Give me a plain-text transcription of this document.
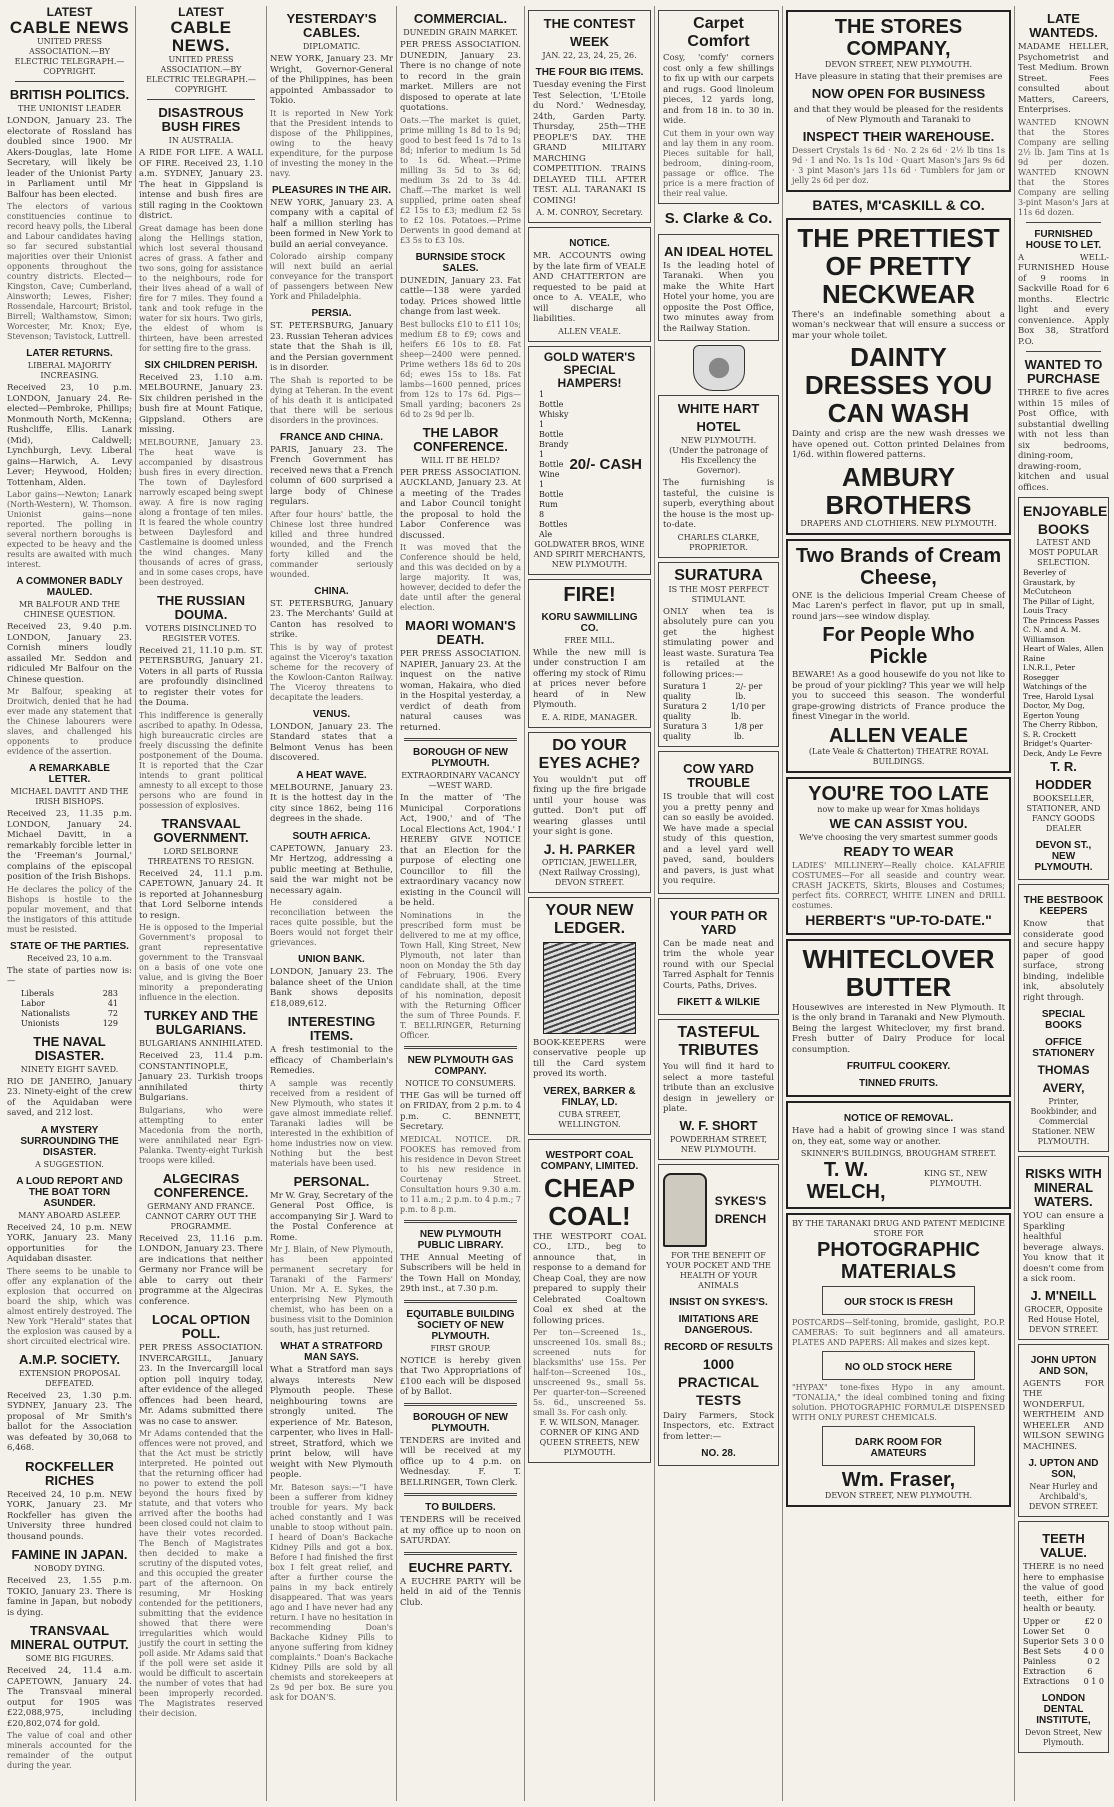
LATEST
CABLE NEWS
UNITED PRESS ASSOCIATION.—BY ELECTRIC TELEGRAPH.—COPYRIGHT.
BRITISH POLITICS.
THE UNIONIST LEADER
LONDON, January 23. The electorate of Rossland has doubled since 1900. Mr Akers-Douglas, late Home Secretary, will likely be leader of the Unionist Party in Parliament until Mr Balfour has been elected.
The electors of various constituencies continue to record heavy polls, the Liberal and Labour candidates having so far secured substantial majorities over their Unionist opponents throughout the country districts. Elected—Kingston, Cave; Cumberland, Ainsworth; Lewes, Fisher; Rossendale, Harcourt; Bristol, Birrell; Walthamstow, Simon; Worcester, Mr. Knox; Eye, Stevenson; Tavistock, Luttrell.
LATER RETURNS.
LIBERAL MAJORITY INCREASING.
Received 23, 10 p.m. LONDON, January 24. Re-elected—Pembroke, Phillips; Monmouth North, McKenna; Rushcliffe, Ellis. Lanark (Mid), Caldwell; Lynchburgh, Levy. Liberal gains—Harwich, A. Levy Lever; Heywood, Holden; Tottenham, Alden.
Labor gains—Newton; Lanark (North-Western), W. Thomson. Unionist gains—none reported. The polling in several northern boroughs is expected to be heavy and the results are awaited with much interest.
A COMMONER BADLY MAULED.
MR BALFOUR AND THE CHINESE QUESTION.
Received 23, 9.40 p.m. LONDON, January 23. Cornish miners loudly assailed Mr. Seddon and ridiculed Mr Balfour on the Chinese question.
Mr Balfour, speaking at Droitwich, denied that he had ever made any statement that the Chinese labourers were slaves, and challenged his opponents to produce evidence of the assertion.
A REMARKABLE LETTER.
MICHAEL DAVITT AND THE IRISH BISHOPS.
Received 23, 11.35 p.m. LONDON, January 24. Michael Davitt, in a remarkably forcible letter in the 'Freeman's Journal,' complains of the episcopal position of the Irish Bishops.
He declares the policy of the Bishops is hostile to the popular movement, and that the instigators of this attitude must be resisted.
STATE OF THE PARTIES.
Received 23, 10 a.m.
The state of parties now is:—
Liberals	283
Labor	41
Nationalists	72
Unionists	129
THE NAVAL DISASTER.
NINETY EIGHT SAVED.
RIO DE JANEIRO, January 23. Ninety-eight of the crew of the Aquidaban were saved, and 212 lost.
A MYSTERY SURROUNDING THE DISASTER.
A SUGGESTION.
A LOUD REPORT AND THE BOAT TORN ASUNDER.
MANY ABOARD ASLEEP.
Received 24, 10 p.m. NEW YORK, January 23. Many opportunities for the Aquidaban disaster.
There seems to be unable to offer any explanation of the explosion that occurred on board the ship, which was almost entirely destroyed. The New York "Herald" states that the explosion was caused by a short circuited electrical wire.
A.M.P. SOCIETY.
EXTENSION PROPOSAL DEFEATED.
Received 23, 1.30 p.m. SYDNEY, January 23. The proposal of Mr Smith's ballot for the Association was defeated by 30,068 to 6,468.
ROCKFELLER RICHES
Received 24, 10 p.m. NEW YORK, January 23. Mr Rockfeller has given the University three hundred thousand pounds.
FAMINE IN JAPAN.
NOBODY DYING.
Received 23, 1.55 p.m. TOKIO, January 23. There is famine in Japan, but nobody is dying.
TRANSVAAL MINERAL OUTPUT.
SOME BIG FIGURES.
Received 24, 11.4 a.m. CAPETOWN, January 24. The Transvaal mineral output for 1905 was £22,088,975, including £20,802,074 for gold.
The value of coal and other minerals accounted for the remainder of the output during the year.
LATEST
CABLE NEWS.
UNITED PRESS ASSOCIATION.—BY ELECTRIC TELEGRAPH.—COPYRIGHT.
DISASTROUS BUSH FIRES
IN AUSTRALIA.
A RIDE FOR LIFE. A WALL OF FIRE. Received 23, 1.10 a.m. SYDNEY, January 23. The heat in Gippsland is intense and bush fires are still raging in the Cooktown district.
Great damage has been done along the Hellings station, which lost several thousand acres of grass. A father and two sons, going for assistance to the neighbours, rode for their lives ahead of a wall of fire for 7 miles. They found a tank and took refuge in the water for six hours. Two girls, the eldest of whom is thirteen, have been arrested for setting fire to the grass.
SIX CHILDREN PERISH.
Received 23, 1.10 a.m. MELBOURNE, January 23. Six children perished in the bush fire at Mount Fatique, Gippsland. Others are missing.
MELBOURNE, January 23. The heat wave is accompanied by disastrous bush fires in every direction. The town of Daylesford narrowly escaped being swept away. A fire is now raging along a frontage of ten miles. It is feared the whole country between Daylesford and Castlemaine is doomed unless the wind changes. Many thousands of acres of grass, and in some cases crops, have been destroyed.
THE RUSSIAN DOUMA.
VOTERS DISINCLINED TO REGISTER VOTES.
Received 21, 11.10 p.m. ST. PETERSBURG, January 21. Voters in all parts of Russia are profoundly disinclined to register their votes for the Douma.
This indifference is generally ascribed to apathy. In Odessa, high bureaucratic circles are freely discussing the definite postponement of the Douma. It is reported that the Czar intends to grant political amnesty to all except to those persons who are found in possession of explosives.
TRANSVAAL GOVERNMENT.
LORD SELBORNE THREATENS TO RESIGN.
Received 24, 11.1 p.m. CAPETOWN, January 24. It is reported at Johannesburg that Lord Selborne intends to resign.
He is opposed to the Imperial Government's proposal to grant representative government to the Transvaal on a basis of one vote one value, and is giving the Boer minority a preponderating influence in the election.
TURKEY AND THE BULGARIANS.
BULGARIANS ANNIHILATED.
Received 23, 11.4 p.m. CONSTANTINOPLE, January 23. Turkish troops annihilated thirty Bulgarians.
Bulgarians, who were attempting to enter Macedonia from the north, were annihilated near Egri-Palanka. Twenty-eight Turkish troops were killed.
ALGECIRAS CONFERENCE.
GERMANY AND FRANCE. CANNOT CARRY OUT THE PROGRAMME.
Received 23, 11.16 p.m. LONDON, January 23. There are indications that neither Germany nor France will be able to carry out their programme at the Algeciras conference.
LOCAL OPTION POLL.
PER PRESS ASSOCIATION. INVERCARGILL, January 23. In the Invercargill local option poll inquiry today, after evidence of the alleged offences had been heard, Mr. Adams submitted there was no case to answer.
Mr Adams contended that the offences were not proved, and that the Act must be strictly interpreted. He pointed out that the returning officer had no power to extend the poll beyond the hours fixed by statute, and that voters who arrived after the booths had been closed could not claim to have their votes recorded. The Bench of Magistrates then decided to make a scrutiny of the disputed votes, and this occupied the greater part of the afternoon. On resuming, Mr Hosking contended for the petitioners, submitting that the evidence showed that there were irregularities which would justify the court in setting the poll aside. Mr Adams said that if the poll were set aside it would be difficult to ascertain the number of votes that had been improperly recorded. The Magistrates reserved their decision.
YESTERDAY'S CABLES.
DIPLOMATIC.
NEW YORK, January 23. Mr Wright, Governor-General of the Philippines, has been appointed Ambassador to Tokio.
It is reported in New York that the President intends to dispose of the Philippines, owing to the heavy expenditure, for the purpose of investing the money in the navy.
PLEASURES IN THE AIR.
NEW YORK, January 23. A company with a capital of half a million sterling has been formed in New York to build an aerial conveyance.
Colorado airship company will next build an aerial conveyance for the transport of passengers between New York and Philadelphia.
PERSIA.
ST. PETERSBURG, January 23. Russian Teheran advices state that the Shah is ill, and the Persian government is in disorder.
The Shah is reported to be dying at Teheran. In the event of his death it is anticipated that there will be serious disorders in the provinces.
FRANCE AND CHINA.
PARIS, January 23. The French Government has received news that a French column of 600 surprised a large body of Chinese regulars.
After four hours' battle, the Chinese lost three hundred killed and three hundred wounded, and the French forty killed and the commander seriously wounded.
CHINA.
ST. PETERSBURG, January 23. The Merchants' Guild at Canton has resolved to strike.
This is by way of protest against the Viceroy's taxation scheme for the recovery of the Kowloon-Canton Railway. The Viceroy threatens to decapitate the leaders.
VENUS.
LONDON, January 23. The Standard states that a Belmont Venus has been discovered.
A HEAT WAVE.
MELBOURNE, January 23. It is the hottest day in the city since 1862, being 116 degrees in the shade.
SOUTH AFRICA.
CAPETOWN, January 23. Mr Hertzog, addressing a public meeting at Bethulie, said the war might not be necessary again.
He considered a reconciliation between the races quite possible, but the Boers would not forget their grievances.
UNION BANK.
LONDON, January 23. The balance sheet of the Union Bank shows deposits £18,089,612.
INTERESTING ITEMS.
A fresh testimonial to the efficacy of Chamberlain's Remedies.
A sample was recently received from a resident of New Plymouth, who states it gave almost immediate relief. Taranaki ladies will be interested in the exhibition of home industries now on view. Nothing but the best materials have been used.
PERSONAL.
Mr W. Gray, Secretary of the General Post Office, is accompanying Sir J. Ward to the Postal Conference at Rome.
Mr J. Blain, of New Plymouth, has been appointed permanent secretary for Taranaki of the Farmers' Union. Mr A. E. Sykes, the enterprising New Plymouth chemist, who has been on a business visit to the Dominion south, has just returned.
WHAT A STRATFORD MAN SAYS.
What a Stratford man says always interests New Plymouth people. These neighbouring towns are strongly united. The experience of Mr. Bateson, carpenter, who lives in Hall-street, Stratford, which we print below, will have weight with New Plymouth people.
Mr. Bateson says:—"I have been a sufferer from kidney trouble for years. My back ached constantly and I was unable to stoop without pain. I heard of Doan's Backache Kidney Pills and got a box. Before I had finished the first box I felt great relief, and after a further course the pains in my back entirely disappeared. That was years ago and I have never had any return. I have no hesitation in recommending Doan's Backache Kidney Pills to anyone suffering from kidney complaints." Doan's Backache Kidney Pills are sold by all chemists and storekeepers at 2s 9d per box. Be sure you ask for DOAN'S.
COMMERCIAL.
DUNEDIN GRAIN MARKET.
PER PRESS ASSOCIATION. DUNEDIN, January 23. There is no change of note to record in the grain market. Millers are not disposed to operate at late quotations.
Oats.—The market is quiet, prime milling 1s 8d to 1s 9d; good to best feed 1s 7d to 1s 8d; inferior to medium 1s 5d to 1s 6d. Wheat.—Prime milling 3s 5d to 3s 6d; medium 3s 2d to 3s 4d. Chaff.—The market is well supplied, prime oaten sheaf £2 15s to £3; medium £2 5s to £2 10s. Potatoes.—Prime Derwents in good demand at £3 5s to £3 10s.
BURNSIDE STOCK SALES.
DUNEDIN, January 23. Fat cattle—138 were yarded today. Prices showed little change from last week.
Best bullocks £10 to £11 10s; medium £8 to £9; cows and heifers £6 10s to £8. Fat sheep—2400 were penned. Prime wethers 18s 6d to 20s 6d; ewes 15s to 18s. Fat lambs—1600 penned, prices from 12s to 17s 6d. Pigs—Small yarding; baconers 2s 6d to 2s 9d per lb.
THE LABOR CONFERENCE.
WILL IT BE HELD?
PER PRESS ASSOCIATION. AUCKLAND, January 23. At a meeting of the Trades and Labor Council tonight the proposal to hold the Labor Conference was discussed.
It was moved that the Conference should be held, and this was decided on by a large majority. It was, however, decided to defer the date until after the general election.
MAORI WOMAN'S DEATH.
PER PRESS ASSOCIATION. NAPIER, January 23. At the inquest on the native woman, Hakaira, who died in the Hospital yesterday, a verdict of death from natural causes was returned.
BOROUGH OF NEW PLYMOUTH.
EXTRAORDINARY VACANCY—WEST WARD.
In the matter of 'The Municipal Corporations Act, 1900,' and of 'The Local Elections Act, 1904.' I HEREBY GIVE NOTICE that an Election for the purpose of electing one Councillor to fill the extraordinary vacancy now existing in the Council will be held.
Nominations in the prescribed form must be delivered to me at my office, Town Hall, King Street, New Plymouth, not later than noon on Monday the 5th day of February, 1906. Every candidate shall, at the time of his nomination, deposit with the Returning Officer the sum of Three Pounds. F. T. BELLRINGER, Returning Officer.
NEW PLYMOUTH GAS COMPANY.
NOTICE TO CONSUMERS.
THE Gas will be turned off on FRIDAY, from 2 p.m. to 4 p.m. C. BENNETT, Secretary.
MEDICAL NOTICE. DR. FOOKES has removed from his residence in Devon Street to his new residence in Courtenay Street. Consultation hours 9.30 a.m. to 11 a.m.; 2 p.m. to 4 p.m.; 7 p.m. to 8 p.m.
NEW PLYMOUTH PUBLIC LIBRARY.
THE Annual Meeting of Subscribers will be held in the Town Hall on Monday, 29th inst., at 7.30 p.m.
EQUITABLE BUILDING SOCIETY OF NEW PLYMOUTH.
FIRST GROUP.
NOTICE is hereby given that Two Appropriations of £100 each will be disposed of by Ballot.
BOROUGH OF NEW PLYMOUTH.
TENDERS are invited and will be received at my office up to 4 p.m. on Wednesday. F. T. BELLRINGER, Town Clerk.
TO BUILDERS.
TENDERS will be received at my office up to noon on SATURDAY.
EUCHRE PARTY.
A EUCHRE PARTY will be held in aid of the Tennis Club.
THE CONTEST WEEK
JAN. 22, 23, 24, 25, 26.
THE FOUR BIG ITEMS.
Tuesday evening the First Test Selection, 'L'Etoile du Nord.' Wednesday, 24th, Garden Party. Thursday, 25th—THE PEOPLE'S DAY. THE GRAND MILITARY MARCHING COMPETITION. TRAINS DELAYED TILL AFTER TEST. ALL TARANAKI IS COMING!
A. M. CONROY, Secretary.
NOTICE.
MR. ACCOUNTS owing by the late firm of VEALE AND CHATTERTON are requested to be paid at once to A. VEALE, who will discharge all liabilities.
ALLEN VEALE.
GOLD WATER'S SPECIAL HAMPERS!
1 Bottle Whisky
1 Bottle Brandy
1 Bottle Wine
1 Bottle Rum
8 Bottles Ale
20/- CASH
GOLDWATER BROS, WINE AND SPIRIT MERCHANTS, NEW PLYMOUTH.
FIRE!
KORU SAWMILLING CO.
FREE MILL.
While the new mill is under construction I am offering my stock of Rimu at prices never before heard of in New Plymouth.
E. A. RIDE, MANAGER.
DO YOUR EYES ACHE?
You wouldn't put off fixing up the fire brigade until your house was gutted. Don't put off wearing glasses until your sight is gone.
J. H. PARKER
OPTICIAN, JEWELLER, (Next Railway Crossing), DEVON STREET.
YOUR NEW LEDGER.
BOOK-KEEPERS were conservative people up till the Card system proved its worth.
VEREX, BARKER & FINLAY, LD.
CUBA STREET, WELLINGTON.
WESTPORT COAL COMPANY, LIMITED.
CHEAP COAL!
THE WESTPORT COAL CO., LTD., beg to announce that, in response to a demand for Cheap Coal, they are now prepared to supply their Celebrated Coaltown Coal ex shed at the following prices.
Per ton—Screened 1s., unscreened 10s. small 8s.; screened nuts for blacksmiths' use 15s. Per half-ton—Screened 10s., unscreened 9s., small 5s. Per quarter-ton—Screened 5s. 6d., unscreened 5s. small 3s. For cash only.
F. W. WILSON, Manager.
CORNER OF KING AND QUEEN STREETS, NEW PLYMOUTH.
Carpet Comfort
Cosy, 'comfy' corners cost only a few shillings to fix up with our carpets and rugs. Good linoleum pieces, 12 yards long, and from 18 in. to 30 in. wide.
Cut them in your own way and lay them in any room. Pieces suitable for hall, bedroom, dining-room, passage or office. The price is a mere fraction of their real value.
S. Clarke & Co.
AN IDEAL HOTEL
Is the leading hotel of Taranaki. When you make the White Hart Hotel your home, you are opposite the Post Office, two minutes away from the Railway Station.
WHITE HART HOTEL
NEW PLYMOUTH.
(Under the patronage of His Excellency the Governor).
The furnishing is tasteful, the cuisine is superb, everything about the house is the most up-to-date.
CHARLES CLARKE, PROPRIETOR.
SURATURA
IS THE MOST PERFECT STIMULANT.
ONLY when tea is absolutely pure can you get the highest stimulating power and least waste. Suratura Tea is retailed at the following prices:—
Suratura 1 quality
2/- per lb.
Suratura 2 quality
1/10 per lb.
Suratura 3 quality
1/8 per lb.
COW YARD TROUBLE
IS trouble that will cost you a pretty penny and can so easily be avoided. We have made a special study of this question, and a level yard well paved, sand, boulders and pavers, is just what you require.
YOUR PATH OR YARD
Can be made neat and trim the whole year round with our Special Tarred Asphalt for Tennis Courts, Paths, Drives.
FIKETT & WILKIE
TASTEFUL TRIBUTES
You will find it hard to select a more tasteful tribute than an exclusive design in jewellery or plate.
W. F. SHORT
POWDERHAM STREET, NEW PLYMOUTH.
SYKES'S DRENCH
FOR THE BENEFIT OF YOUR POCKET AND THE HEALTH OF YOUR ANIMALS
INSIST ON SYKES'S.
IMITATIONS ARE DANGEROUS.
RECORD OF RESULTS
1000 PRACTICAL TESTS
Dairy Farmers, Stock Inspectors, etc. Extract from letter:—
NO. 28.
THE STORES COMPANY,
DEVON STREET, NEW PLYMOUTH.
Have pleasure in stating that their premises are
NOW OPEN FOR BUSINESS
and that they would be pleased for the residents of New Plymouth and Taranaki to
INSPECT THEIR WAREHOUSE.
Dessert Crystals 1s 6d · No. 2 2s 6d · 2½ lb tins 1s 9d · 1 and No. 1s 1s 10d · Quart Mason's Jars 9s 6d · 3 pint Mason's jars 11s 6d · Tumblers for jam or jelly 2s 6d per doz.
BATES, M'CASKILL & CO.
THE PRETTIEST OF PRETTY NECKWEAR
There's an indefinable something about a woman's neckwear that will ensure a success or mar your whole toilet.
DAINTY DRESSES YOU CAN WASH
Dainty and crisp are the new wash dresses we have opened out. Cotton printed Delaines from 1/6d. within flowered patterns.
AMBURY BROTHERS
DRAPERS AND CLOTHIERS. NEW PLYMOUTH.
Two Brands of Cream Cheese,
ONE is the delicious Imperial Cream Cheese of Mac Laren's perfect in flavor, put up in small, round jars—see window display.
For People Who Pickle
BEWARE! As a good housewife do you not like to be proud of your pickling? This year we will help you to succeed this season. The wonderful grape-growing districts of France produce the finest Vinegar in the world.
ALLEN VEALE
(Late Veale & Chatterton) THEATRE ROYAL BUILDINGS.
YOU'RE TOO LATE
now to make up wear for Xmas holidays
WE CAN ASSIST YOU.
We've choosing the very smartest summer goods
READY TO WEAR
LADIES' MILLINERY—Really choice. KALAFRIE COSTUMES—For all seaside and country wear. CRASH JACKETS, Skirts, Blouses and Costumes; perfect fits. CORRECT, WHITE LINEN and DRILL costumes.
HERBERT'S "UP-TO-DATE."
WHITECLOVER BUTTER
Housewives are interested in New Plymouth. It is the only brand in Taranaki and New Plymouth. Being the largest Whiteclover, my first brand. Fresh butter of Dairy Produce for local consumption.
FRUITFUL COOKERY.
TINNED FRUITS.
NOTICE OF REMOVAL.
Have had a habit of growing since I was stand on, they eat, some way or another.
SKINNER'S BUILDINGS, BROUGHAM STREET.
T. W. WELCH,
KING ST., NEW PLYMOUTH.
BY THE TARANAKI DRUG AND PATENT MEDICINE STORE FOR
PHOTOGRAPHIC MATERIALS
OUR STOCK IS FRESH
POSTCARDS—Self-toning, bromide, gaslight, P.O.P. CAMERAS: To suit beginners and all amateurs. PLATES AND PAPERS: All makes and sizes kept.
NO OLD STOCK HERE
"HYPAX" tone-fixes Hypo in any amount. "TONALIA," the ideal combined toning and fixing solution. PHOTOGRAPHIC FORMULÆ DISPENSED WITH ONLY PUREST CHEMICALS.
DARK ROOM FOR AMATEURS
Wm. Fraser,
DEVON STREET, NEW PLYMOUTH.
LATE WANTEDS.
MADAME HELLER, Psychometrist and Test Medium. Brown Street. Fees consulted about Matters, Careers, Enterprises.
WANTED KNOWN that the Stores Company are selling 2½ lb. Jam Tins at 1s 9d per dozen. WANTED KNOWN that the Stores Company are selling 3-pint Mason's Jars at 11s 6d dozen.
FURNISHED HOUSE TO LET.
A WELL-FURNISHED House of 9 rooms in Sackville Road for 6 months. Electric light and every convenience. Apply Box 38, Stratford P.O.
WANTED TO PURCHASE
THREE to five acres within 15 miles of Post Office, with substantial dwelling with not less than six bedrooms, dining-room, drawing-room, kitchen and usual offices.
ENJOYABLE BOOKS
LATEST AND MOST POPULAR SELECTION.
Beverley of Graustark, by McCutcheon
The Pillar of Light, Louis Tracy
The Princess Passes
C. N. and A. M. Williamson
Heart of Wales, Allen Raine
I.N.R.I., Peter Rosegger
Watchings of the Tree, Harold Lysal
Doctor, My Dog, Egerton Young
The Cherry Ribbon, S. R. Crockett
Bridget's Quarter-Deck, Andy Le Fevre
T. R. HODDER
BOOKSELLER, STATIONER, AND FANCY GOODS DEALER
DEVON ST., NEW PLYMOUTH.
THE BESTBOOK KEEPERS
Know that considerate good and secure happy paper of good surface, strong binding, indelible ink, absolutely right through.
SPECIAL BOOKS
OFFICE STATIONERY
THOMAS AVERY,
Printer, Bookbinder, and Commercial Stationer. NEW PLYMOUTH.
RISKS WITH MINERAL WATERS.
YOU can ensure a Sparkling healthful beverage always. You know that it doesn't come from a sick room.
J. M'NEILL
GROCER, Opposite Red House Hotel, DEVON STREET.
JOHN UPTON AND SON,
AGENTS FOR THE WONDERFUL WERTHEIM AND WHEELER AND WILSON SEWING MACHINES.
J. UPTON AND SON,
Near Hurley and Archibald's, DEVON STREET.
TEETH VALUE.
THERE is no need here to emphasise the value of good teeth, either for health or beauty.
Upper or Lower Set
£2 0 0
Superior Sets 3 0 0
Best Sets	4 0 0
Painless Extraction
0 2 6
Extractions 0 1 0
LONDON DENTAL INSTITUTE,
Devon Street, New Plymouth.
